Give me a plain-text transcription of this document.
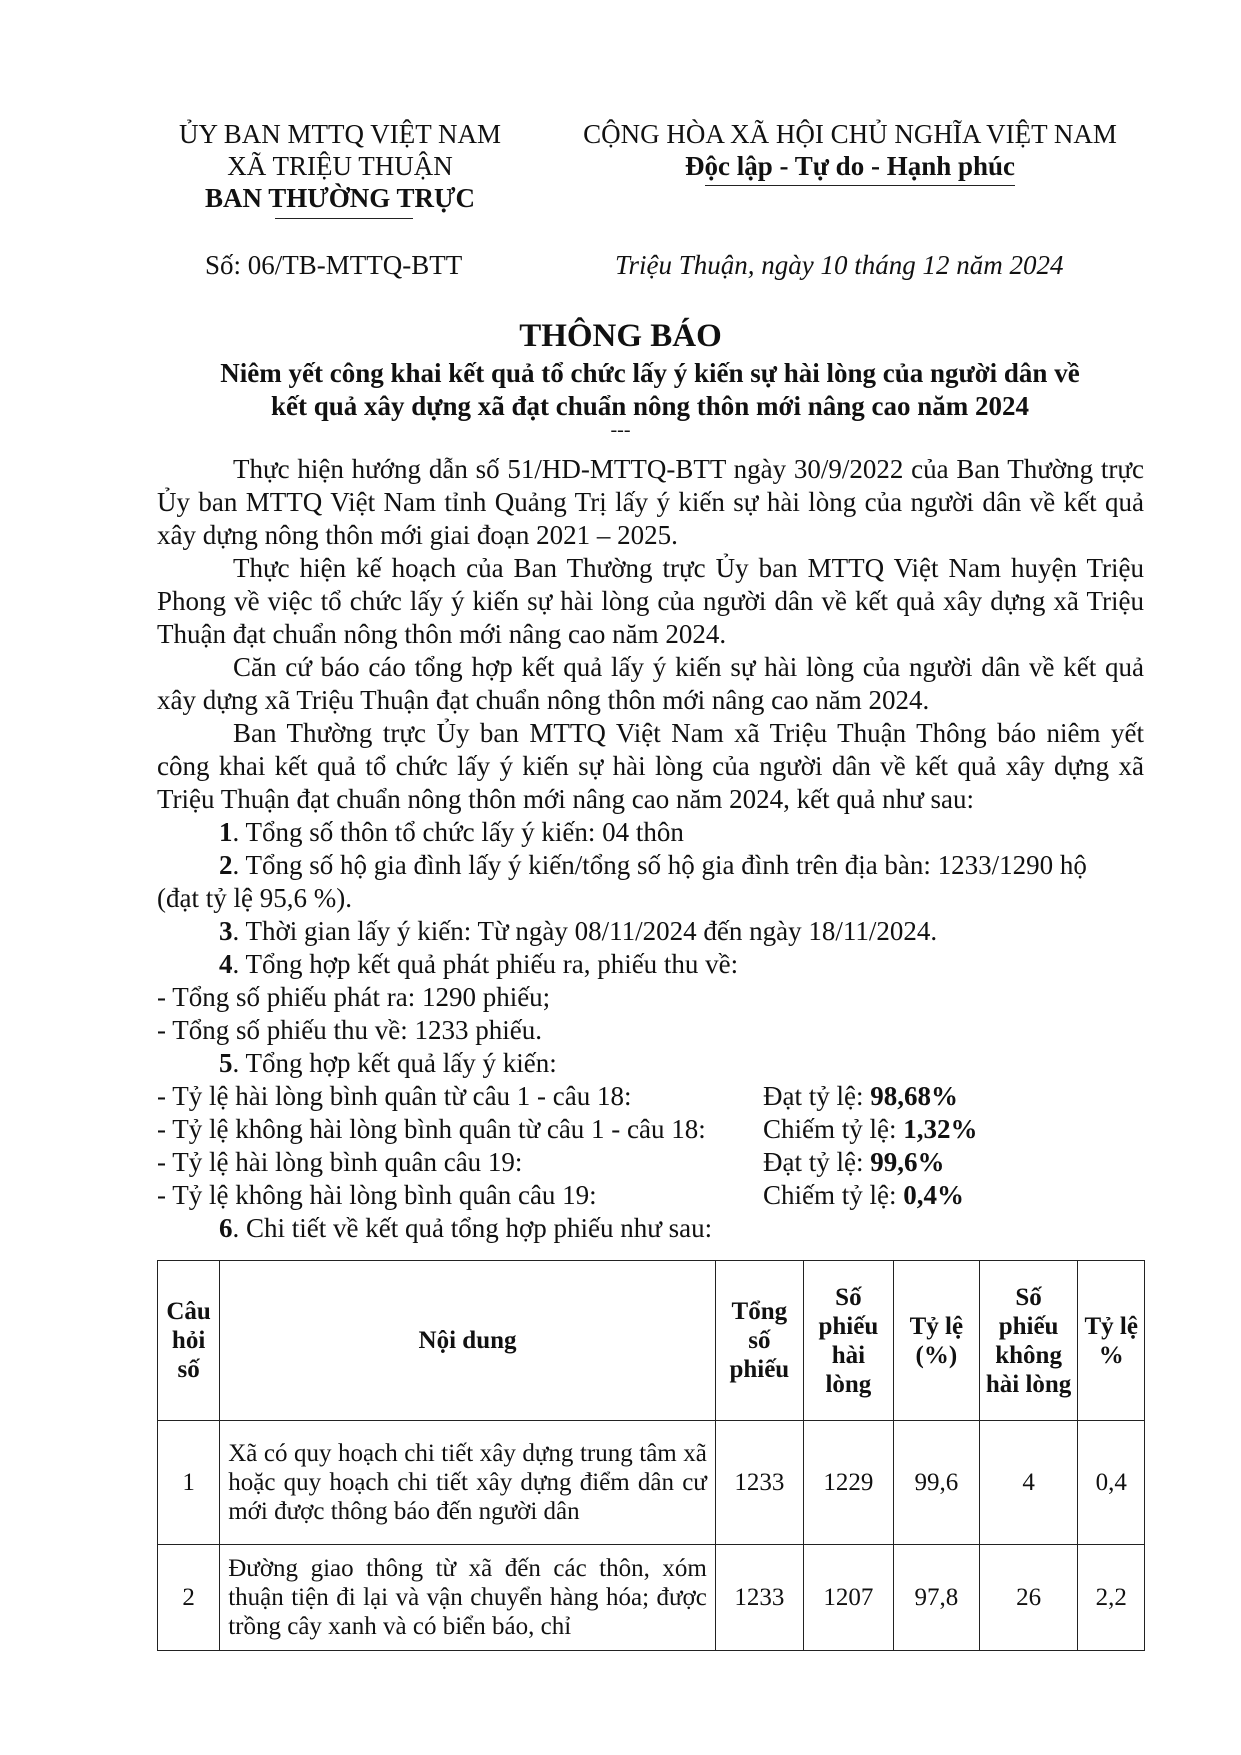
ỦY BAN MTTQ VIỆT NAM
XÃ TRIỆU THUẬN
BAN THƯỜNG TRỰC
CỘNG HÒA XÃ HỘI CHỦ NGHĨA VIỆT NAM
Độc lập - Tự do - Hạnh phúc
Số: 06/TB-MTTQ-BTT	Triệu Thuận, ngày 10 tháng 12 năm 2024
THÔNG BÁO
Niêm yết công khai kết quả tổ chức lấy ý kiến sự hài lòng của người dân về
kết quả xây dựng xã đạt chuẩn nông thôn mới nâng cao năm 2024
---

Thực hiện hướng dẫn số 51/HD-MTTQ-BTT ngày 30/9/2022 của Ban Thường trực Ủy ban MTTQ Việt Nam tỉnh Quảng Trị lấy ý kiến sự hài lòng của người dân về kết quả xây dựng nông thôn mới giai đoạn 2021 – 2025.

Thực hiện kế hoạch của Ban Thường trực Ủy ban MTTQ Việt Nam huyện Triệu Phong về việc tổ chức lấy ý kiến sự hài lòng của người dân về kết quả xây dựng xã Triệu Thuận đạt chuẩn nông thôn mới nâng cao năm 2024.

Căn cứ báo cáo tổng hợp kết quả lấy ý kiến sự hài lòng của người dân về kết quả xây dựng xã Triệu Thuận đạt chuẩn nông thôn mới nâng cao năm 2024.

Ban Thường trực Ủy ban MTTQ Việt Nam xã Triệu Thuận Thông báo niêm yết công khai kết quả tổ chức lấy ý kiến sự hài lòng của người dân về kết quả xây dựng xã Triệu Thuận đạt chuẩn nông thôn mới nâng cao năm 2024, kết quả như sau:

1. Tổng số thôn tổ chức lấy ý kiến: 04 thôn

2. Tổng số hộ gia đình lấy ý kiến/tổng số hộ gia đình trên địa bàn: 1233/1290 hộ

(đạt tỷ lệ 95,6 %).

3. Thời gian lấy ý kiến: Từ ngày 08/11/2024 đến ngày 18/11/2024.

4. Tổng hợp kết quả phát phiếu ra, phiếu thu về:

- Tổng số phiếu phát ra: 1290 phiếu;

- Tổng số phiếu thu về: 1233 phiếu.

5. Tổng hợp kết quả lấy ý kiến:

- Tỷ lệ hài lòng bình quân từ câu 1 - câu 18:	Đạt tỷ lệ: 98,68%
- Tỷ lệ không hài lòng bình quân từ câu 1 - câu 18:	Chiếm tỷ lệ: 1,32%
- Tỷ lệ hài lòng bình quân câu 19:	Đạt tỷ lệ: 99,6%
- Tỷ lệ không hài lòng bình quân câu 19:	Chiếm tỷ lệ: 0,4%

6. Chi tiết về kết quả tổng hợp phiếu như sau:

Câu hỏi số	Nội dung	Tổng số phiếu	Số phiếu hài lòng	Tỷ lệ (%)	Số phiếu không hài lòng	Tỷ lệ %
1	Xã có quy hoạch chi tiết xây dựng trung tâm xã hoặc quy hoạch chi tiết xây dựng điểm dân cư mới được thông báo đến người dân	1233	1229	99,6	4	0,4
2	Đường giao thông từ xã đến các thôn, xóm thuận tiện đi lại và vận chuyển hàng hóa; được trồng cây xanh và có biển báo, chỉ	1233	1207	97,8	26	2,2
